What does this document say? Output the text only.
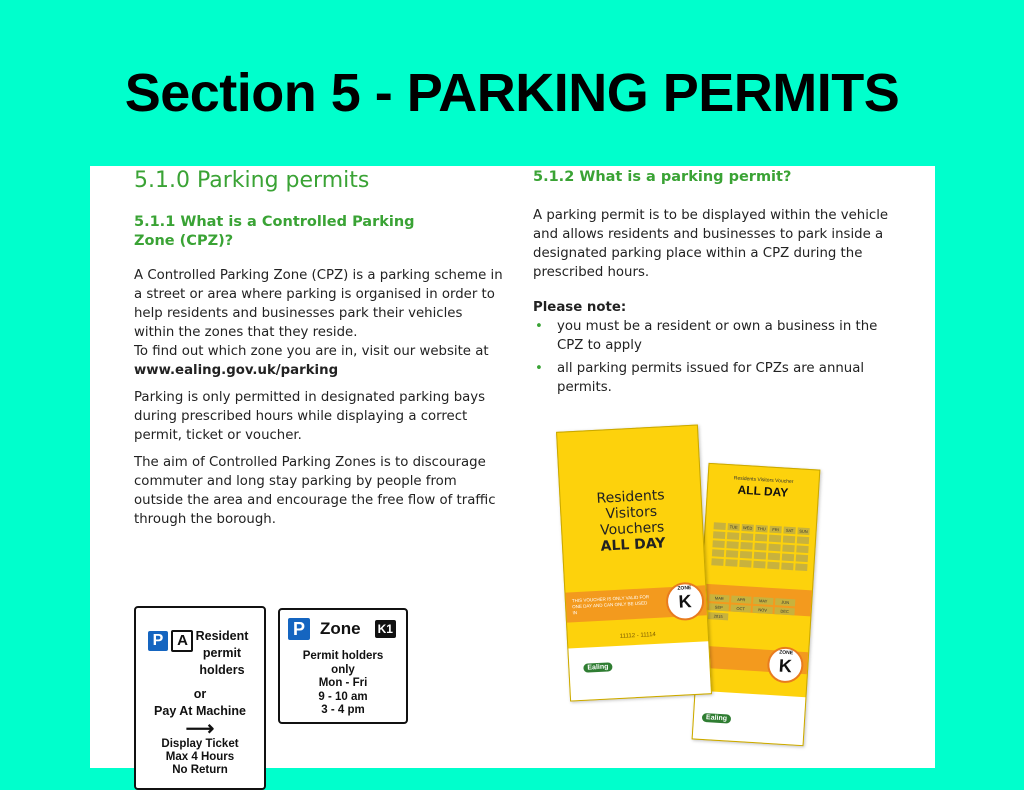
Section 5 - PARKING PERMITS
5.1.0 Parking permits
5.1.1 What is a Controlled Parking
Zone (CPZ)?
A Controlled Parking Zone (CPZ) is a parking scheme in a street or area where parking is organised in order to help residents and businesses park their vehicles within the zones that they reside.
To find out which zone you are in, visit our website at www.ealing.gov.uk/parking
Parking is only permitted in designated parking bays during prescribed hours while displaying a correct permit, ticket or voucher.
The aim of Controlled Parking Zones is to discourage commuter and long stay parking by people from outside the area and encourage the free flow of traffic through the borough.
5.1.2 What is a parking permit?
A parking permit is to be displayed within the vehicle and allows residents and businesses to park inside a designated parking place within a CPZ during the prescribed hours.
Please note:
• you must be a resident or own a business in the CPZ to apply
• all parking permits issued for CPZs are annual permits.
P A Resident
permit
holders
or
Pay At Machine
⟶
Display Ticket
Max 4 Hours
No Return
P Zone K1
Permit holders
only
Mon - Fri
9 - 10 am
3 - 4 pm
Residents Visitors Voucher
ALL DAY
TUE	WED	THU	FRI	SAT	SUN
MAR	APR	MAY	JUN
SEP	OCT	NOV	DEC
2015
ZONE
K
Ealing
Residents
Visitors
Vouchers
ALL DAY
THIS VOUCHER IS ONLY VALID FOR ONE DAY AND CAN ONLY BE USED IN
ZONE
K
11112 - 11114
Ealing
